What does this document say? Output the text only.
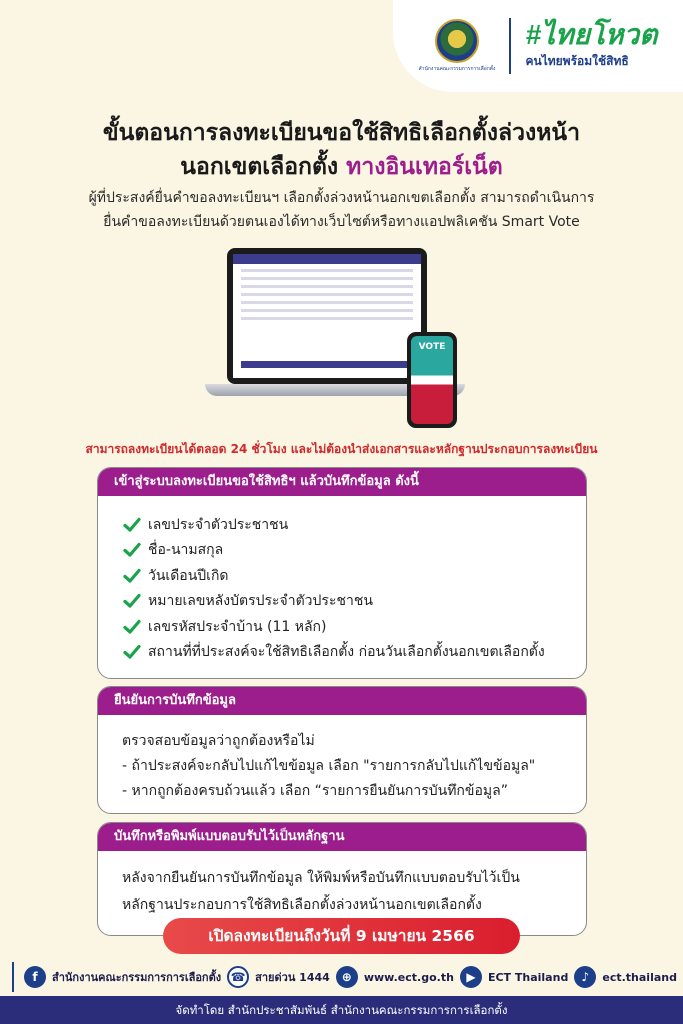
สำนักงานคณะกรรมการการเลือกตั้ง
#ไทยโหวต
คนไทยพร้อมใช้สิทธิ
ขั้นตอนการลงทะเบียนขอใช้สิทธิเลือกตั้งล่วงหน้า
นอกเขตเลือกตั้ง ทางอินเทอร์เน็ต
ผู้ที่ประสงค์ยื่นคำขอลงทะเบียนฯ เลือกตั้งล่วงหน้านอกเขตเลือกตั้ง สามารถดำเนินการ
ยื่นคำขอลงทะเบียนด้วยตนเองได้ทางเว็บไซต์หรือทางแอปพลิเคชัน Smart Vote
VOTE
สามารถลงทะเบียนได้ตลอด 24 ชั่วโมง และไม่ต้องนำส่งเอกสารและหลักฐานประกอบการลงทะเบียน
เข้าสู่ระบบลงทะเบียนขอใช้สิทธิฯ แล้วบันทึกข้อมูล ดังนี้
เลขประจำตัวประชาชน
ชื่อ-นามสกุล
วันเดือนปีเกิด
หมายเลขหลังบัตรประจำตัวประชาชน
เลขรหัสประจำบ้าน (11 หลัก)
สถานที่ที่ประสงค์จะใช้สิทธิเลือกตั้ง ก่อนวันเลือกตั้งนอกเขตเลือกตั้ง
ยืนยันการบันทึกข้อมูล
ตรวจสอบข้อมูลว่าถูกต้องหรือไม่
- ถ้าประสงค์จะกลับไปแก้ไขข้อมูล เลือก "รายการกลับไปแก้ไขข้อมูล"
- หากถูกต้องครบถ้วนแล้ว เลือก “รายการยืนยันการบันทึกข้อมูล”
บันทึกหรือพิมพ์แบบตอบรับไว้เป็นหลักฐาน
หลังจากยืนยันการบันทึกข้อมูล ให้พิมพ์หรือบันทึกแบบตอบรับไว้เป็น
หลักฐานประกอบการใช้สิทธิเลือกตั้งล่วงหน้านอกเขตเลือกตั้ง
เปิดลงทะเบียนถึงวันที่ 9 เมษายน 2566
f	สำนักงานคณะกรรมการการเลือกตั้ง ☎ สายด่วน 1444	⊕	www.ect.go.th	▶	ECT Thailand	♪	ect.thailand
จัดทำโดย สำนักประชาสัมพันธ์ สำนักงานคณะกรรมการการเลือกตั้ง
